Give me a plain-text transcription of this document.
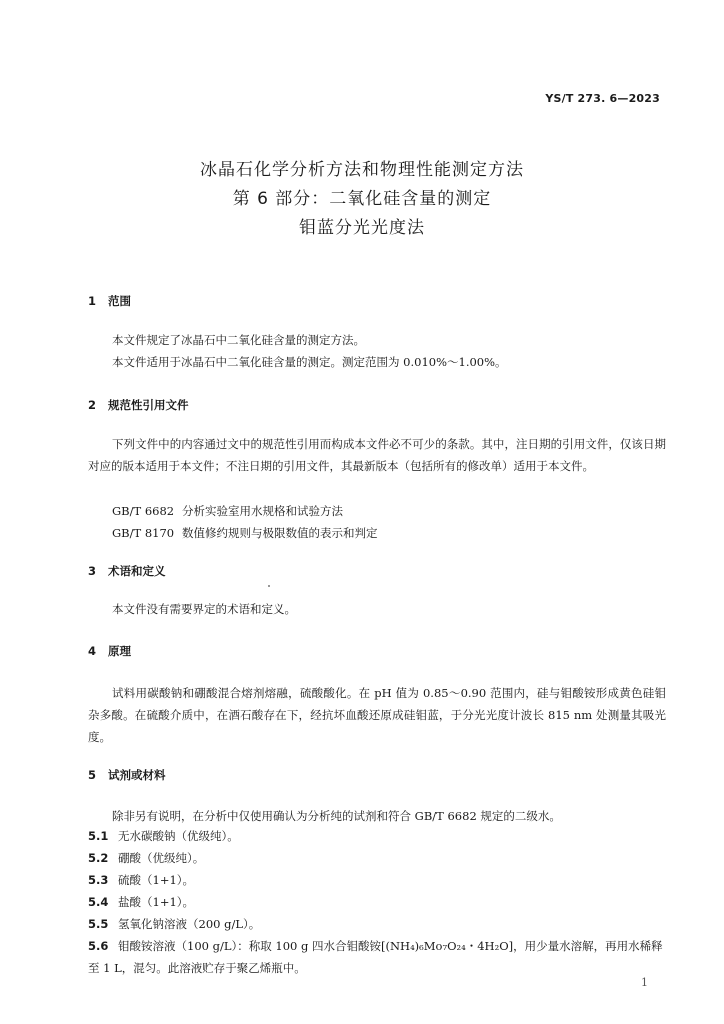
YS/T 273. 6—2023
冰晶石化学分析方法和物理性能测定方法
第 6 部分：二氧化硅含量的测定
钼蓝分光光度法
1 范围
本文件规定了冰晶石中二氧化硅含量的测定方法。
本文件适用于冰晶石中二氧化硅含量的测定。测定范围为 0.010%～1.00%。
2 规范性引用文件
下列文件中的内容通过文中的规范性引用而构成本文件必不可少的条款。其中，注日期的引用文件，仅该日期对应的版本适用于本文件；不注日期的引用文件，其最新版本（包括所有的修改单）适用于本文件。
GB/T 6682 分析实验室用水规格和试验方法
GB/T 8170 数值修约规则与极限数值的表示和判定
3 术语和定义
本文件没有需要界定的术语和定义。
4 原理
试料用碳酸钠和硼酸混合熔剂熔融，硫酸酸化。在 pH 值为 0.85～0.90 范围内，硅与钼酸铵形成黄色硅钼杂多酸。在硫酸介质中，在酒石酸存在下，经抗坏血酸还原成硅钼蓝，于分光光度计波长 815 nm 处测量其吸光度。
5 试剂或材料
除非另有说明，在分析中仅使用确认为分析纯的试剂和符合 GB/T 6682 规定的二级水。
5.1 无水碳酸钠（优级纯）。
5.2 硼酸（优级纯）。
5.3 硫酸（1+1）。
5.4 盐酸（1+1）。
5.5 氢氧化钠溶液（200 g/L）。
5.6 钼酸铵溶液（100 g/L）：称取 100 g 四水合钼酸铵[(NH₄)₆Mo₇O₂₄・4H₂O]，用少量水溶解，再用水稀释至 1 L，混匀。此溶液贮存于聚乙烯瓶中。
1
